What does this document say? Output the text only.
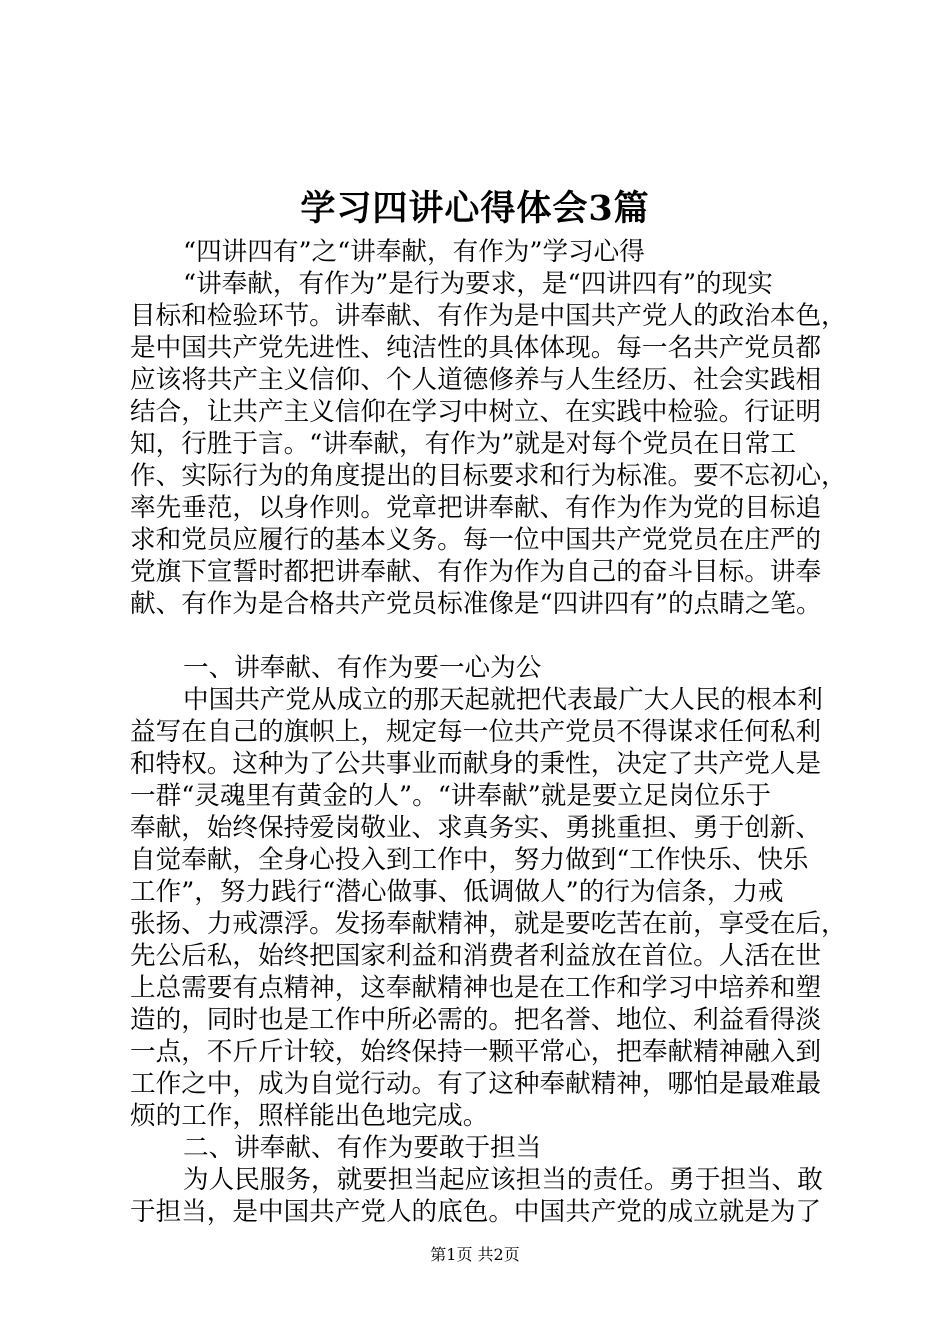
学习四讲心得体会3篇
“四讲四有”之“讲奉献，有作为”学习心得
“讲奉献，有作为”是行为要求，是“四讲四有”的现实
目标和检验环节。讲奉献、有作为是中国共产党人的政治本色，
是中国共产党先进性、纯洁性的具体体现。每一名共产党员都
应该将共产主义信仰、个人道德修养与人生经历、社会实践相
结合，让共产主义信仰在学习中树立、在实践中检验。行证明
知，行胜于言。“讲奉献，有作为”就是对每个党员在日常工
作、实际行为的角度提出的目标要求和行为标准。要不忘初心，
率先垂范，以身作则。党章把讲奉献、有作为作为党的目标追
求和党员应履行的基本义务。每一位中国共产党党员在庄严的
党旗下宣誓时都把讲奉献、有作为作为自己的奋斗目标。讲奉
献、有作为是合格共产党员标准像是“四讲四有”的点睛之笔。
一、讲奉献、有作为要一心为公
中国共产党从成立的那天起就把代表最广大人民的根本利
益写在自己的旗帜上，规定每一位共产党员不得谋求任何私利
和特权。这种为了公共事业而献身的秉性，决定了共产党人是
一群“灵魂里有黄金的人”。“讲奉献”就是要立足岗位乐于
奉献，始终保持爱岗敬业、求真务实、勇挑重担、勇于创新、
自觉奉献，全身心投入到工作中，努力做到“工作快乐、快乐
工作”，努力践行“潜心做事、低调做人”的行为信条，力戒
张扬、力戒漂浮。发扬奉献精神，就是要吃苦在前，享受在后，
先公后私，始终把国家利益和消费者利益放在首位。人活在世
上总需要有点精神，这奉献精神也是在工作和学习中培养和塑
造的，同时也是工作中所必需的。把名誉、地位、利益看得淡
一点，不斤斤计较，始终保持一颗平常心，把奉献精神融入到
工作之中，成为自觉行动。有了这种奉献精神，哪怕是最难最
烦的工作，照样能出色地完成。
二、讲奉献、有作为要敢于担当
为人民服务，就要担当起应该担当的责任。勇于担当、敢
于担当，是中国共产党人的底色。中国共产党的成立就是为了
第1页 共2页
